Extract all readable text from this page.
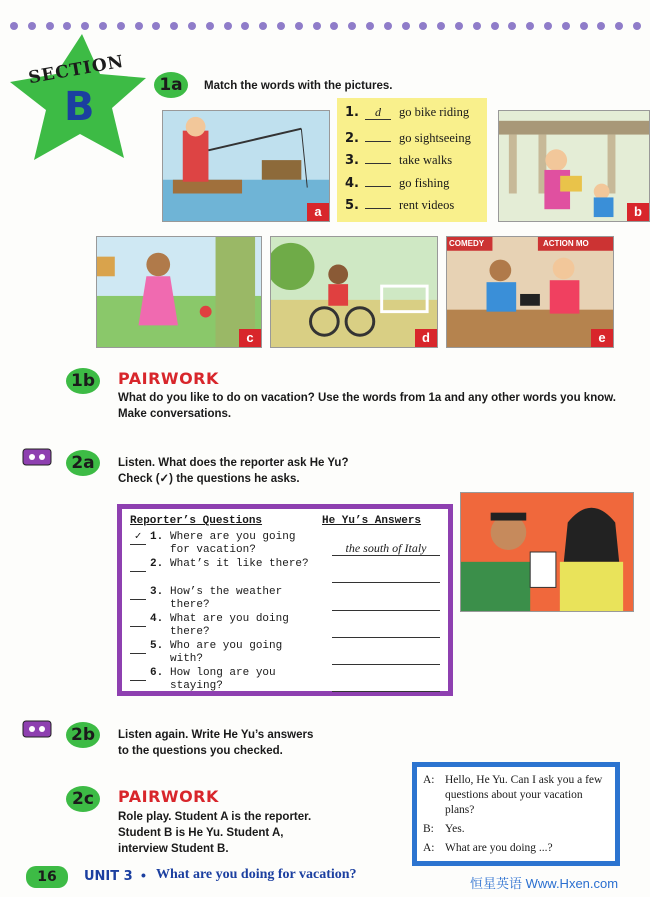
SECTION
B	1a	Match the words with the pictures.
a
1.	d	go bike riding
2.	go sightseeing
3.	take walks
4.	go fishing
5.	rent videos	b
c	d
COMEDY	ACTION MO
e
1b	PAIRWORK
What do you like to do on vacation? Use the words from 1a and any other words you know. Make conversations.
2a	Listen. What does the reporter ask He Yu?
Check (✓) the questions he asks.
Reporter’s Questions	He Yu’s Answers
✓ 1. Where are you going for vacation?	the south of Italy
2. What’s it like there?
3. How’s the weather there?
4. What are you doing there?
5. Who are you going with?
6. How long are you staying?
2b	Listen again. Write He Yu’s answers
to the questions you checked.
2c	PAIRWORK
Role play. Student A is the reporter.
Student B is He Yu. Student A,
interview Student B.
A: Hello, He Yu. Can I ask you a few questions about your vacation plans?
B: Yes.
A: What are you doing ...?
16	UNIT 3 • What are you doing for vacation?
恒星英语 Www.Hxen.com
